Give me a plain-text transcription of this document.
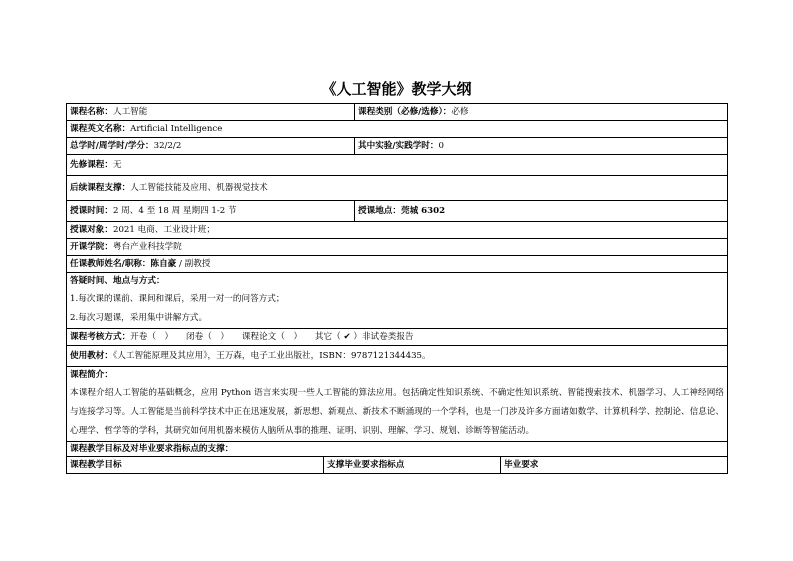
《人工智能》教学大纲
课程名称：人工智能		课程类别（必修/选修）：必修	
课程英文名称：Artificial Intelligence			
总学时/周学时/学分：32/2/2		其中实验/实践学时：0	
先修课程：无			
后续课程支撑：人工智能技能及应用、机器视觉技术			
授课时间：2 周、4 至 18 周 星期四 1-2 节		授课地点：莞城 6302	
授课对象：2021 电商、工业设计班；			
开课学院：粤台产业科技学院			
任课教师姓名/职称：陈自豪 / 副教授			

答疑时间、地点与方式：
1.每次课的课前、课间和课后，采用一对一的问答方式；
2.每次习题课，采用集中讲解方式。			

课程考核方式：开卷（　）　　闭卷（　）　　课程论文（　）　　其它（ ✔ ）非试卷类报告			
使用教材：《人工智能原理及其应用》，王万森，电子工业出版社，ISBN：9787121344435。			

课程简介：
本课程介绍人工智能的基础概念，应用 Python 语言来实现一些人工智能的算法应用。包括确定性知识系统、不确定性知识系统、智能搜索技术、机器学习、人工神经网络与连接学习等。人工智能是当前科学技术中正在迅速发展，新思想、新观点、新技术不断涌现的一个学科，也是一门涉及许多方面诸如数学、计算机科学、控制论、信息论、心理学、哲学等的学科，其研究如何用机器来模仿人脑所从事的推理、证明、识别、理解、学习、规划、诊断等智能活动。			

课程教学目标及对毕业要求指标点的支撑：			
课程教学目标	支撑毕业要求指标点		毕业要求
